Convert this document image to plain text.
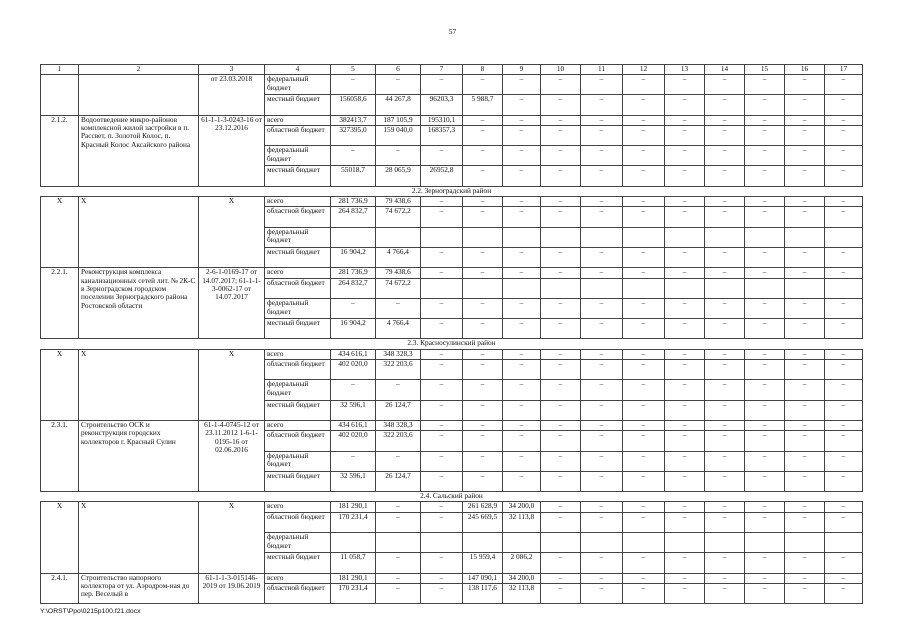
57
1	2	3	4	5	6	7	8	9	10	11	12	13	14	15	16	17
		от 23.03.2018	федеральный бюджет	–	–	–	–	–	–	–	–	–	–	–	–	–
			местный бюджет	156058,6	44 267,8	96203,3	5 988,7	–	–	–	–	–	–	–	–	–
2.1.2.	Водоотведение микро-районов комплексной жилой застройки в п. Рассвет, п. Золотой Колос, п. Красный Колос Аксайского района	61-1-1-3-0243-16 от 23.12.2016	всего	382413,7	187 105,9	195310,1	–	–	–	–	–	–	–	–	–	–
			областной бюджет	327395,0	159 040,0	168357,3	–	–	–	–	–	–	–	–	–	–
			федеральный бюджет	–	–	–	–	–	–	–	–	–	–	–	–	–
			местный бюджет	55018,7	28 065,9	26952,8	–	–	–	–	–	–	–	–	–	–
2.2. Зерноградский район																
Х	Х	Х	всего	281 736,9	79 438,6	–	–	–	–	–	–	–	–	–	–	–
			областной бюджет	264 832,7	74 672,2	–	–	–	–	–	–	–	–	–	–	–
			федеральный бюджет													
			местный бюджет	16 904,2	4 766,4	–	–	–	–	–	–	–	–	–	–	–
2.2.1.	Реконструкция комплекса канализационных сетей лит. № 2К-С в Зерноградском городском поселении Зерноградского района Ростовской области	2-6-1-0169-17 от 14.07.2017; 61-1-1-3-0062-17 от 14.07.2017	всего	281 736,9	79 438,6	–	–	–	–	–	–	–	–	–	–	–
			областной бюджет	264 832,7	74 672,2											
			федеральный бюджет	–	–	–	–	–	–	–	–	–	–	–	–	–
			местный бюджет	16 904,2	4 766,4	–	–	–	–	–	–	–	–	–	–	–
2.3. Красносулинский район																
Х	Х	Х	всего	434 616,1	348 328,3	–	–	–	–	–	–	–	–	–	–	–
			областной бюджет	402 020,0	322 203,6	–	–	–	–	–	–	–	–	–	–	–
			федеральный бюджет	–	–	–	–	–	–	–	–	–	–	–	–	–
			местный бюджет	32 596,1	26 124,7	–	–	–	–	–	–	–	–	–	–	–
2.3.1.	Строительство ОСК и реконструкция городских коллекторов г. Красный Сулин	61-1-4-0745-12 от 23.11.2012 1-6-1-0195-16 от 02.06.2016	всего	434 616,1	348 328,3	–	–	–	–	–	–	–	–	–	–	–
			областной бюджет	402 020,0	322 203,6	–	–	–	–	–	–	–	–	–	–	–
			федеральный бюджет	–	–	–	–	–	–	–	–	–	–	–	–	–
			местный бюджет	32 596,1	26 124,7	–	–	–	–	–	–	–	–	–	–	–
2.4. Сальский район																
Х	Х	Х	всего	181 290,1	–	–	261 628,9	34 200,0	–	–	–	–	–	–	–	–
			областной бюджет	170 231,4	–	–	245 669,5	32 113,8	–	–	–	–	–	–	–	–
			федеральный бюджет													
			местный бюджет	11 058,7	–	–	15 959,4	2 086,2	–	–	–	–	–	–	–	–
2.4.1.	Строительство напорного коллектора от ул. Аэродром-ная до пер. Веселый в	61-1-1-3-015146-2019 от 19.06.2019	всего	181 290,1	–	–	147 090,1	34 200,0	–	–	–	–	–	–	–	–
			областной бюджет	170 231,4	–	–	138 117,6	32 113,8	–	–	–	–	–	–	–	–
Y:\ORST\Ppo\0215p100.f21.docx
